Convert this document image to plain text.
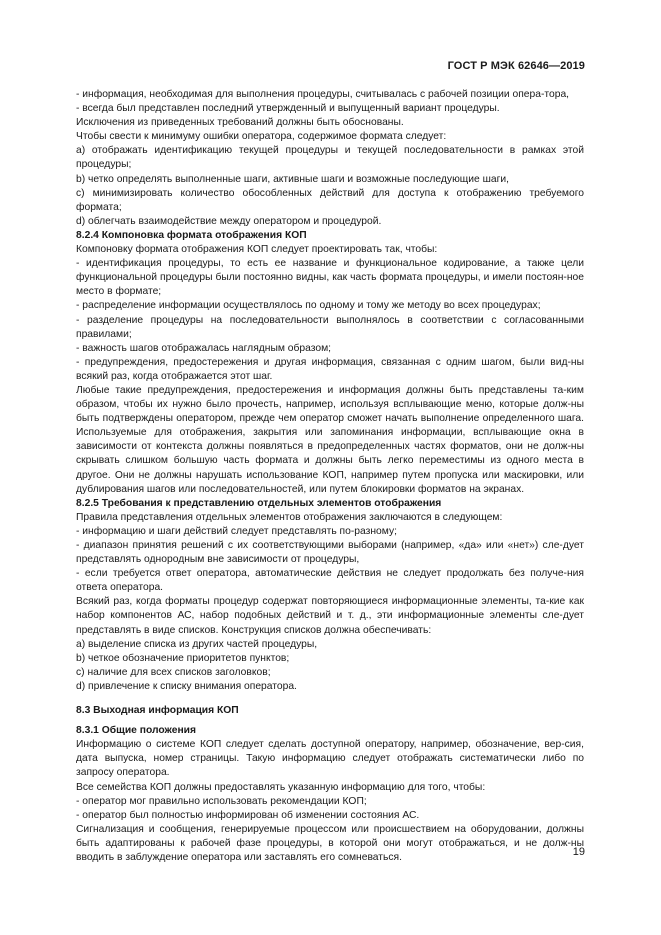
ГОСТ Р МЭК 62646—2019

- информация, необходимая для выполнения процедуры, считывалась с рабочей позиции опера-тора,

- всегда был представлен последний утвержденный и выпущенный вариант процедуры.

Исключения из приведенных требований должны быть обоснованы.

Чтобы свести к минимуму ошибки оператора, содержимое формата следует:

a) отображать идентификацию текущей процедуры и текущей последовательности в рамках этой процедуры;

b) четко определять выполненные шаги, активные шаги и возможные последующие шаги,

c) минимизировать количество обособленных действий для доступа к отображению требуемого формата;

d) облегчать взаимодействие между оператором и процедурой.

8.2.4 Компоновка формата отображения КОП

Компоновку формата отображения КОП следует проектировать так, чтобы:

- идентификация процедуры, то есть ее название и функциональное кодирование, а также цели функциональной процедуры были постоянно видны, как часть формата процедуры, и имели постоян-ное место в формате;

- распределение информации осуществлялось по одному и тому же методу во всех процедурах;

- разделение процедуры на последовательности выполнялось в соответствии с согласованными правилами;

- важность шагов отображалась наглядным образом;

- предупреждения, предостережения и другая информация, связанная с одним шагом, были вид-ны всякий раз, когда отображается этот шаг.

Любые такие предупреждения, предостережения и информация должны быть представлены та-ким образом, чтобы их нужно было прочесть, например, используя всплывающие меню, которые долж-ны быть подтверждены оператором, прежде чем оператор сможет начать выполнение определенного шага. Используемые для отображения, закрытия или запоминания информации, всплывающие окна в зависимости от контекста должны появляться в предопределенных частях форматов, они не долж-ны скрывать слишком большую часть формата и должны быть легко переместимы из одного места в другое. Они не должны нарушать использование КОП, например путем пропуска или маскировки, или дублирования шагов или последовательностей, или путем блокировки форматов на экранах.

8.2.5 Требования к представлению отдельных элементов отображения

Правила представления отдельных элементов отображения заключаются в следующем:

- информацию и шаги действий следует представлять по-разному;

- диапазон принятия решений с их соответствующими выборами (например, «да» или «нет») сле-дует представлять однородным вне зависимости от процедуры,

- если требуется ответ оператора, автоматические действия не следует продолжать без получе-ния ответа оператора.

Всякий раз, когда форматы процедур содержат повторяющиеся информационные элементы, та-кие как набор компонентов АС, набор подобных действий и т. д., эти информационные элементы сле-дует представлять в виде списков. Конструкция списков должна обеспечивать:

a) выделение списка из других частей процедуры,

b) четкое обозначение приоритетов пунктов;

c) наличие для всех списков заголовков;

d) привлечение к списку внимания оператора.

8.3 Выходная информация КОП

8.3.1 Общие положения

Информацию о системе КОП следует сделать доступной оператору, например, обозначение, вер-сия, дата выпуска, номер страницы. Такую информацию следует отображать систематически либо по запросу оператора.

Все семейства КОП должны предоставлять указанную информацию для того, чтобы:

- оператор мог правильно использовать рекомендации КОП;

- оператор был полностью информирован об изменении состояния АС.

Сигнализация и сообщения, генерируемые процессом или происшествием на оборудовании, должны быть адаптированы к рабочей фазе процедуры, в которой они могут отображаться, и не долж-ны вводить в заблуждение оператора или заставлять его сомневаться.	19
